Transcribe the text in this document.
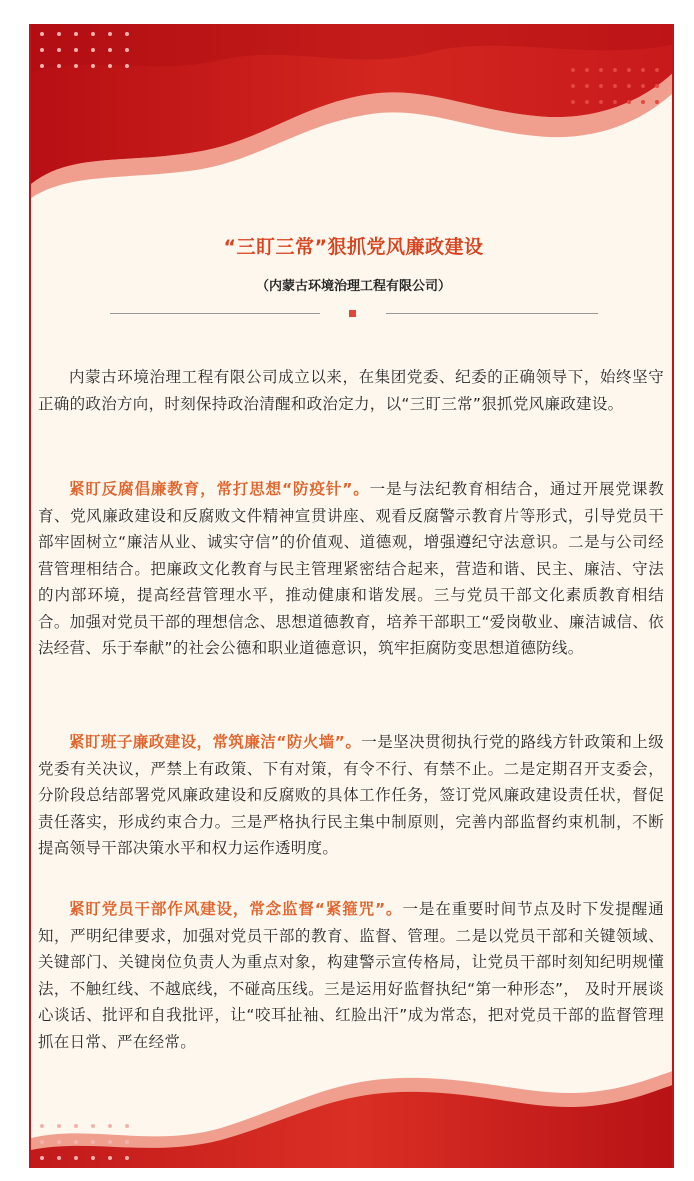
“三盯三常”狠抓党风廉政建设
（内蒙古环境治理工程有限公司）

内蒙古环境治理工程有限公司成立以来，在集团党委、纪委的正确领导下，始终坚守正确的政治方向，时刻保持政治清醒和政治定力，以“三盯三常”狠抓党风廉政建设。

紧盯反腐倡廉教育，常打思想“防疫针”。一是与法纪教育相结合，通过开展党课教育、党风廉政建设和反腐败文件精神宣贯讲座、观看反腐警示教育片等形式，引导党员干部牢固树立“廉洁从业、诚实守信”的价值观、道德观，增强遵纪守法意识。二是与公司经营管理相结合。把廉政文化教育与民主管理紧密结合起来，营造和谐、民主、廉洁、守法的内部环境，提高经营管理水平，推动健康和谐发展。三与党员干部文化素质教育相结合。加强对党员干部的理想信念、思想道德教育，培养干部职工“爱岗敬业、廉洁诚信、依法经营、乐于奉献”的社会公德和职业道德意识，筑牢拒腐防变思想道德防线。

紧盯班子廉政建设，常筑廉洁“防火墙”。一是坚决贯彻执行党的路线方针政策和上级党委有关决议，严禁上有政策、下有对策，有令不行、有禁不止。二是定期召开支委会，分阶段总结部署党风廉政建设和反腐败的具体工作任务，签订党风廉政建设责任状，督促责任落实，形成约束合力。三是严格执行民主集中制原则，完善内部监督约束机制，不断提高领导干部决策水平和权力运作透明度。

紧盯党员干部作风建设，常念监督“紧箍咒”。一是在重要时间节点及时下发提醒通知，严明纪律要求，加强对党员干部的教育、监督、管理。二是以党员干部和关键领域、关键部门、关键岗位负责人为重点对象，构建警示宣传格局，让党员干部时刻知纪明规懂法，不触红线、不越底线，不碰高压线。三是运用好监督执纪“第一种形态”， 及时开展谈心谈话、批评和自我批评，让“咬耳扯袖、红脸出汗”成为常态，把对党员干部的监督管理抓在日常、严在经常。
